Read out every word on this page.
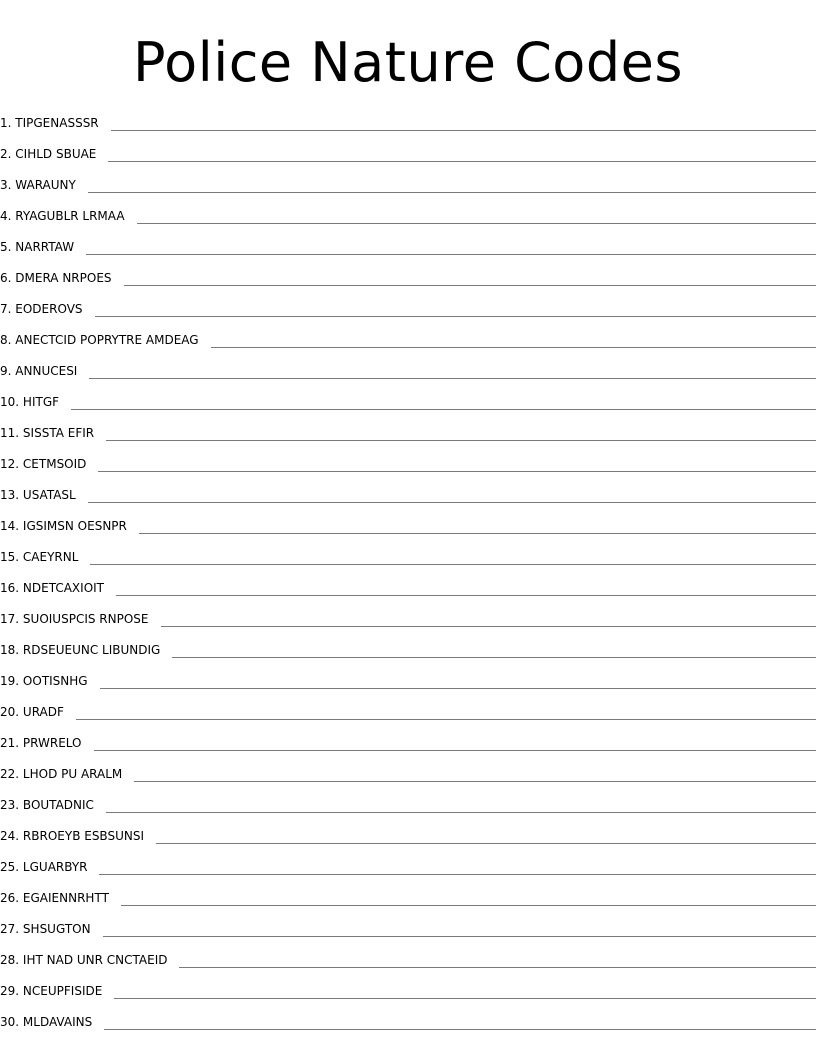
Police Nature Codes
1. TIPGENASSSR
2. CIHLD SBUAE
3. WARAUNY
4. RYAGUBLR LRMAA
5. NARRTAW
6. DMERA NRPOES
7. EODEROVS
8. ANECTCID POPRYTRE AMDEAG
9. ANNUCESI
10. HITGF
11. SISSTA EFIR
12. CETMSOID
13. USATASL
14. IGSIMSN OESNPR
15. CAEYRNL
16. NDETCAXIOIT
17. SUOIUSPCIS RNPOSE
18. RDSEUEUNC LIBUNDIG
19. OOTISNHG
20. URADF
21. PRWRELO
22. LHOD PU ARALM
23. BOUTADNIC
24. RBROEYB ESBSUNSI
25. LGUARBYR
26. EGAIENNRHTT
27. SHSUGTON
28. IHT NAD UNR CNCTAEID
29. NCEUPFISIDE
30. MLDAVAINS
